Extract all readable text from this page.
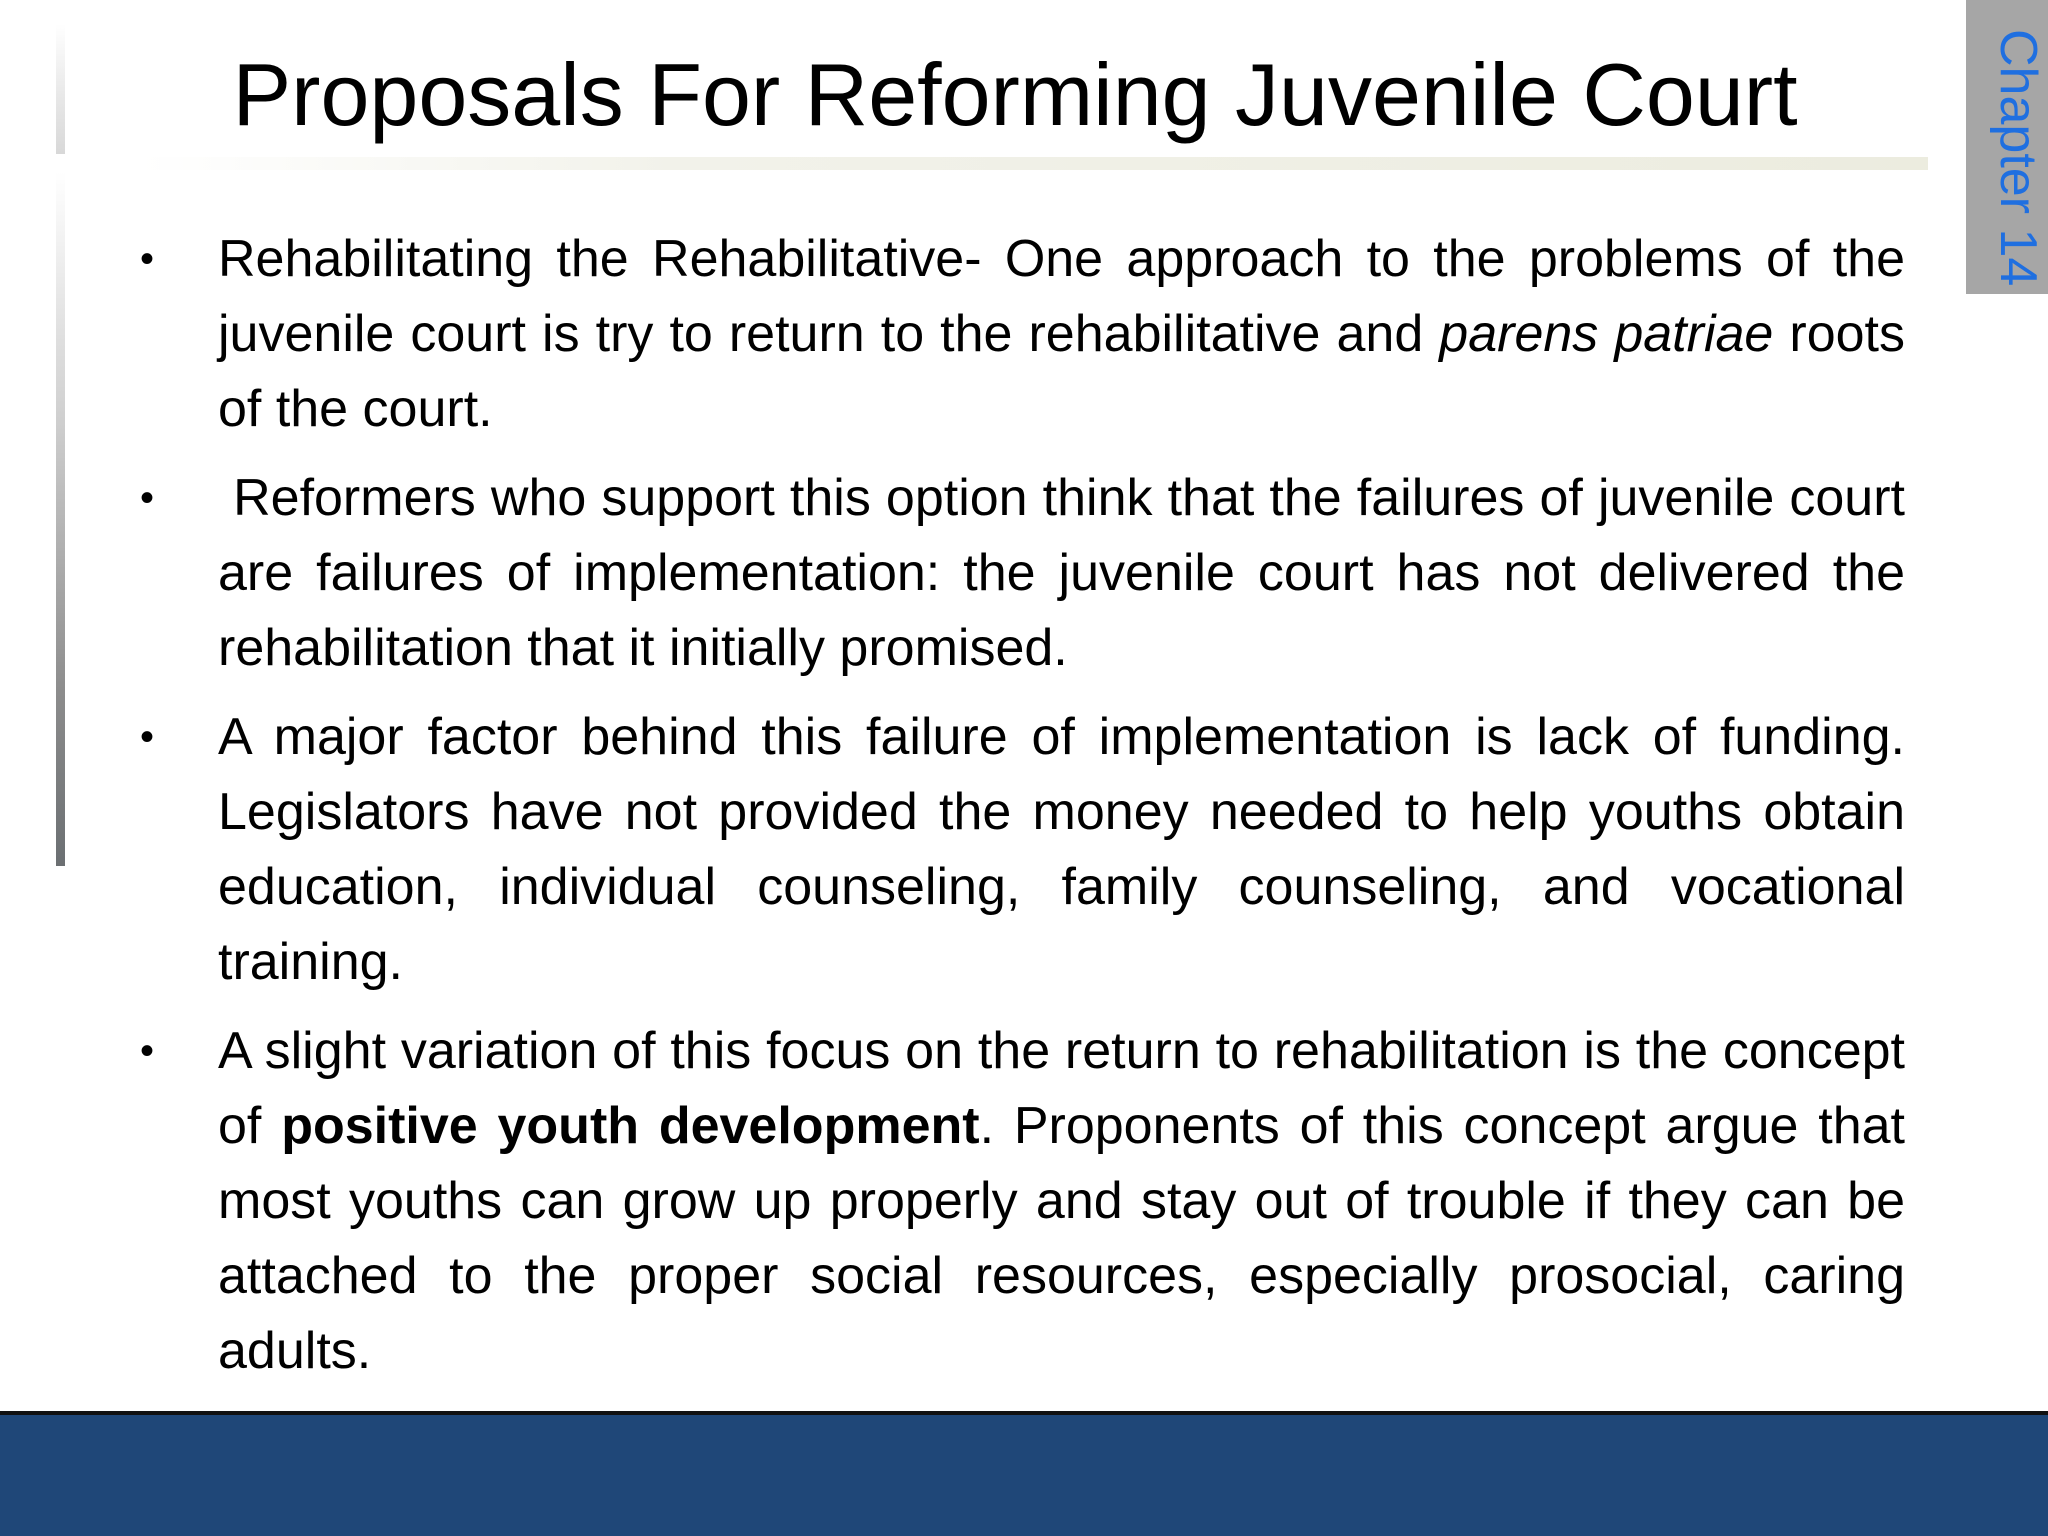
Proposals For Reforming Juvenile Court	Chapter 14
•	Rehabilitating the Rehabilitative- One approach to the problems of the juvenile court is try to return to the rehabilitative and parens patriae roots of the court.
•	Reformers who support this option think that the failures of juvenile court are failures of implementation: the juvenile court has not delivered the rehabilitation that it initially promised.
•	A major factor behind this failure of implementation is lack of funding. Legislators have not provided the money needed to help youths obtain education, individual counseling, family counseling, and vocational training.
•	A slight variation of this focus on the return to rehabilitation is the concept of positive youth development. Proponents of this concept argue that most youths can grow up properly and stay out of trouble if they can be attached to the proper social resources, especially prosocial, caring adults.
